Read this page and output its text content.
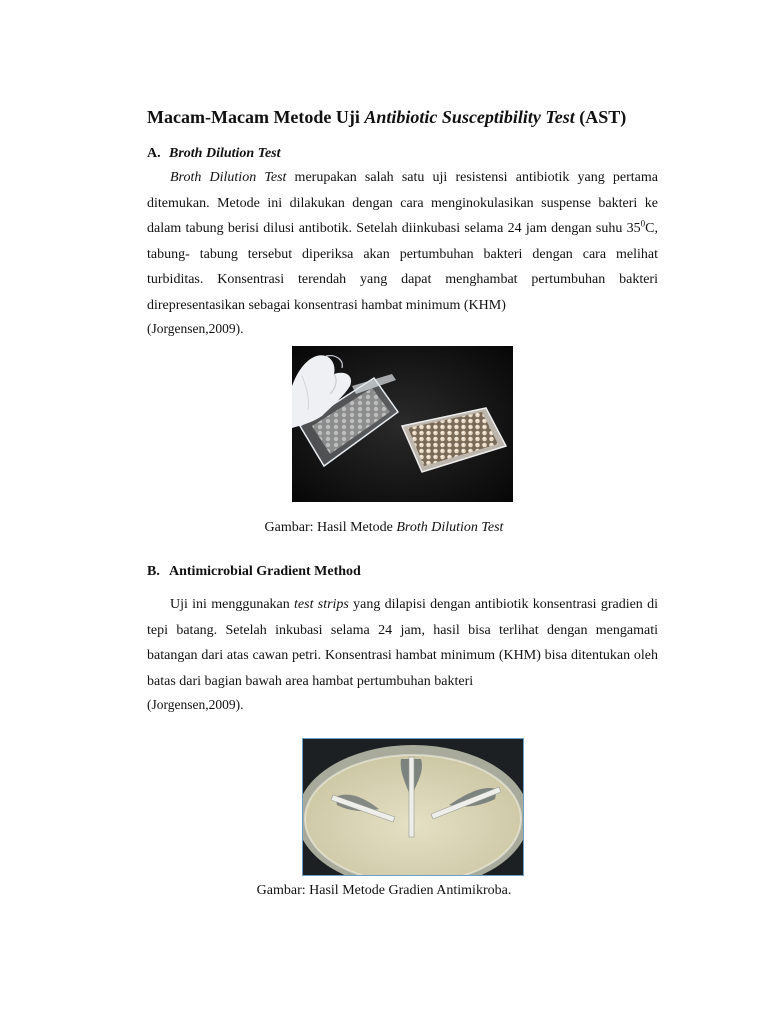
Macam-Macam Metode Uji Antibiotic Susceptibility Test (AST)

A. Broth Dilution Test

Broth Dilution Test merupakan salah satu uji resistensi antibiotik yang pertama ditemukan. Metode ini dilakukan dengan cara menginokulasikan suspense bakteri ke dalam tabung berisi dilusi antibotik. Setelah diinkubasi selama 24 jam dengan suhu $35^0C$, tabung- tabung tersebut diperiksa akan pertumbuhan bakteri dengan cara melihat turbiditas. Konsentrasi terendah yang dapat menghambat pertumbuhan bakteri direpresentasikan sebagai konsentrasi hambat minimum (KHM)

(Jorgensen,2009).

Gambar: Hasil Metode Broth Dilution Test

B. Antimicrobial Gradient Method

Uji ini menggunakan test strips yang dilapisi dengan antibiotik konsentrasi gradien di tepi batang. Setelah inkubasi selama 24 jam, hasil bisa terlihat dengan mengamati batangan dari atas cawan petri. Konsentrasi hambat minimum (KHM) bisa ditentukan oleh batas dari bagian bawah area hambat pertumbuhan bakteri

(Jorgensen,2009).

Gambar: Hasil Metode Gradien Antimikroba.
